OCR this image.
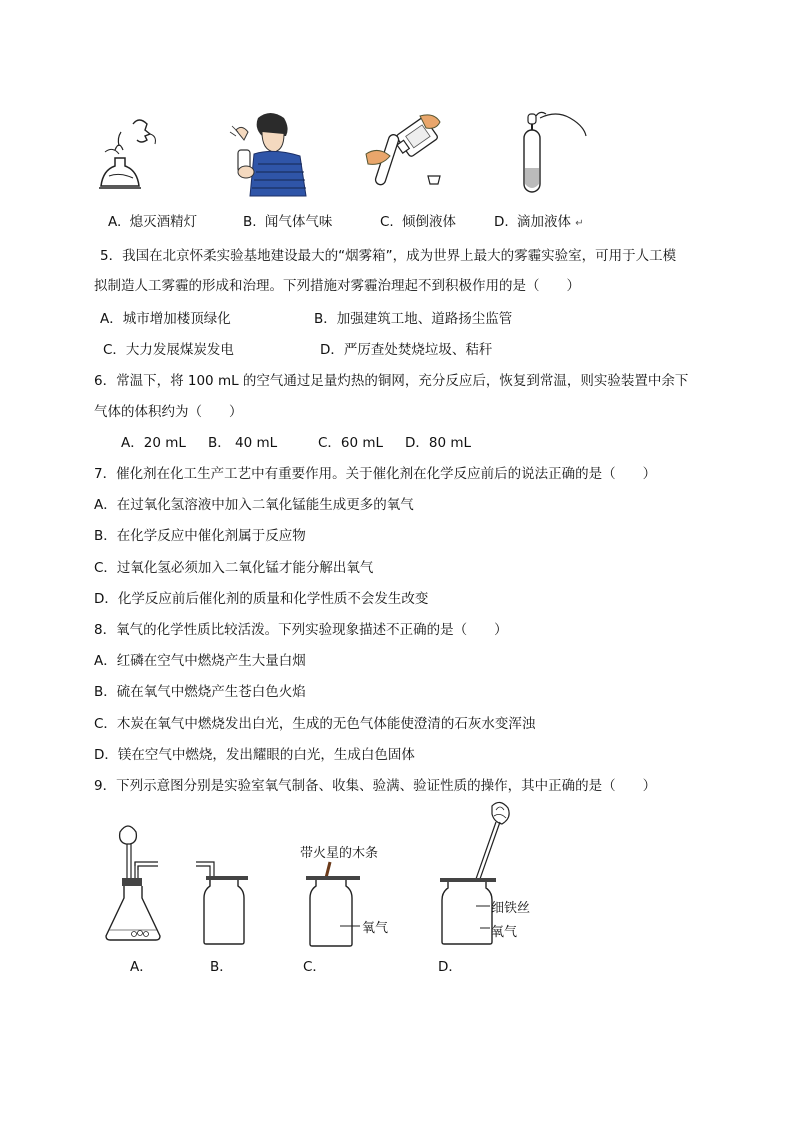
A. 熄灭酒精灯	B. 闻气体气味	C. 倾倒液体	D. 滴加液体 ↵
5．我国在北京怀柔实验基地建设最大的“烟雾箱”，成为世界上最大的雾霾实验室，可用于人工模
拟制造人工雾霾的形成和治理。下列措施对雾霾治理起不到积极作用的是（　　）
A．城市增加楼顶绿化	B．加强建筑工地、道路扬尘监管
C．大力发展煤炭发电	D．严厉查处焚烧垃圾、秸秆
6．常温下，将 100 mL 的空气通过足量灼热的铜网，充分反应后，恢复到常温，则实验装置中余下
气体的体积约为（　　）
A．20 mL B． 40 mL	C．60 mL D．80 mL
7．催化剂在化工生产工艺中有重要作用。关于催化剂在化学反应前后的说法正确的是（　　）
A．在过氧化氢溶液中加入二氧化锰能生成更多的氧气
B．在化学反应中催化剂属于反应物
C．过氧化氢必须加入二氧化锰才能分解出氧气
D．化学反应前后催化剂的质量和化学性质不会发生改变
8．氧气的化学性质比较活泼。下列实验现象描述不正确的是（　　）
A．红磷在空气中燃烧产生大量白烟
B．硫在氧气中燃烧产生苍白色火焰
C．木炭在氧气中燃烧发出白光，生成的无色气体能使澄清的石灰水变浑浊
D．镁在空气中燃烧，发出耀眼的白光，生成白色固体
9．下列示意图分别是实验室氧气制备、收集、验满、验证性质的操作，其中正确的是（　　）
带火星的木条
氧气
细铁丝
氧气
A．	B．	C．	D．
